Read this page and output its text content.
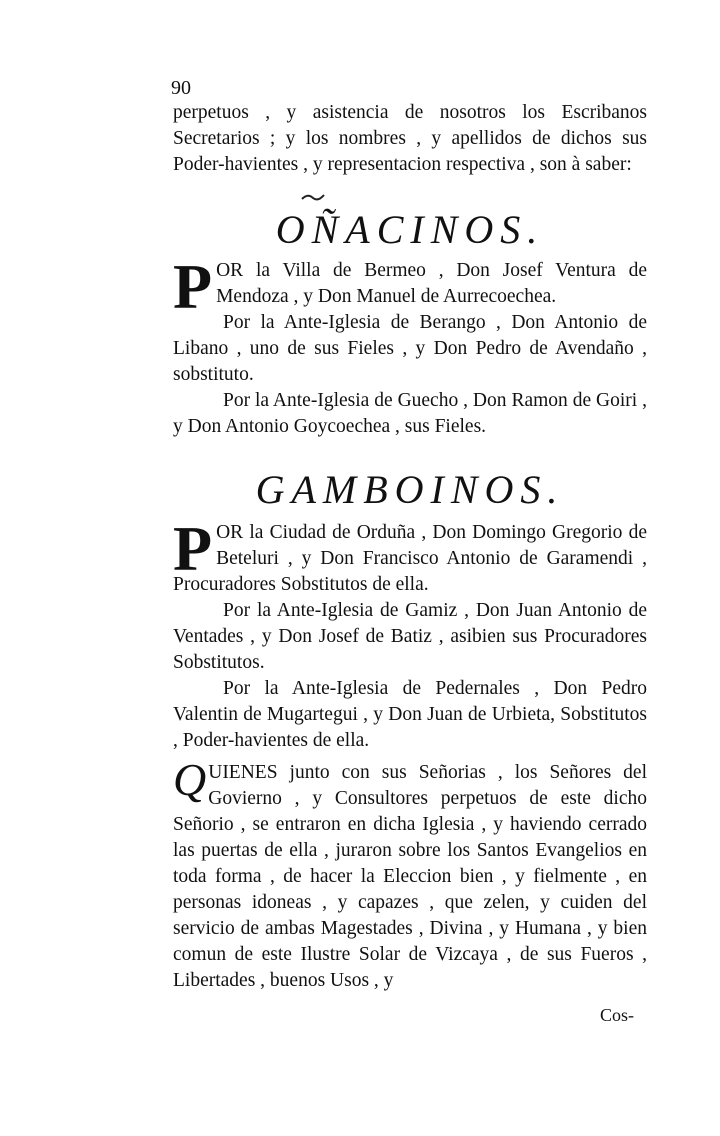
90

perpetuos , y asistencia de nosotros los Escribanos Secretarios ; y los nombres , y apellidos de dichos sus Poder-havientes , y representacion respectiva , son à saber:

OÑACINOS.

POR la Villa de Bermeo , Don Josef Ventura de Mendoza , y Don Manuel de Aurrecoechea.

Por la Ante-Iglesia de Berango , Don Antonio de Libano , uno de sus Fieles , y Don Pedro de Avendaño , sobstituto.

Por la Ante-Iglesia de Guecho , Don Ramon de Goiri , y Don Antonio Goycoechea , sus Fieles.

GAMBOINOS.

POR la Ciudad de Orduña , Don Domingo Gregorio de Beteluri , y Don Francisco Antonio de Garamendi , Procuradores Sobstitutos de ella.

Por la Ante-Iglesia de Gamiz , Don Juan Antonio de Ventades , y Don Josef de Batiz , asibien sus Procuradores Sobstitutos.

Por la Ante-Iglesia de Pedernales , Don Pedro Valentin de Mugartegui , y Don Juan de Urbieta, Sobstitutos , Poder-havientes de ella.

QUIENES junto con sus Señorias , los Señores del Govierno , y Consultores perpetuos de este dicho Señorio , se entraron en dicha Iglesia , y haviendo cerrado las puertas de ella , juraron sobre los Santos Evangelios en toda forma , de hacer la Eleccion bien , y fielmente , en personas idoneas , y capazes , que zelen, y cuiden del servicio de ambas Magestades , Divina , y Humana , y bien comun de este Ilustre Solar de Vizcaya , de sus Fueros , Libertades , buenos Usos , y

Cos-
